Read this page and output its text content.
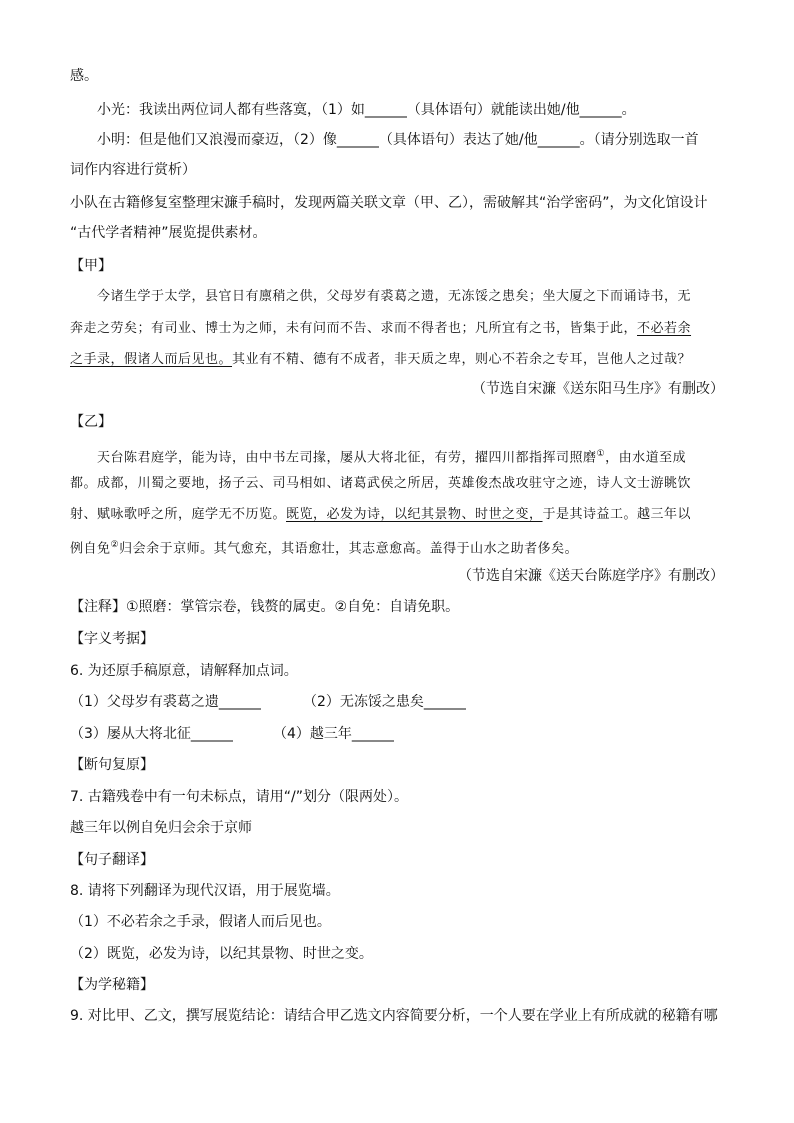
感。
小光：我读出两位词人都有些落寞，（1）如______（具体语句）就能读出她/他______。
小明：但是他们又浪漫而豪迈，（2）像______（具体语句）表达了她/他______。（请分别选取一首
词作内容进行赏析）
小队在古籍修复室整理宋濂手稿时，发现两篇关联文章（甲、乙），需破解其“治学密码”，为文化馆设计
“古代学者精神”展览提供素材。
【甲】
今诸生学于太学，县官日有廪稍之供，父母岁有裘葛之遗，无冻馁之患矣；坐大厦之下而诵诗书，无
奔走之劳矣；有司业、博士为之师，未有问而不告、求而不得者也；凡所宜有之书，皆集于此，不必若余
之手录，假诸人而后见也。其业有不精、德有不成者，非天质之卑，则心不若余之专耳，岂他人之过哉？
（节选自宋濂《送东阳马生序》有删改）
【乙】
天台陈君庭学，能为诗，由中书左司掾，屡从大将北征，有劳，擢四川都指挥司照磨①，由水道至成
都。成都，川蜀之要地，扬子云、司马相如、诸葛武侯之所居，英雄俊杰战攻驻守之迹，诗人文士游眺饮
射、赋咏歌呼之所，庭学无不历览。既览，必发为诗，以纪其景物、时世之变，于是其诗益工。越三年以
例自免②归会余于京师。其气愈充，其语愈壮，其志意愈高。盖得于山水之助者侈矣。
（节选自宋濂《送天台陈庭学序》有删改）
【注释】①照磨：掌管宗卷，钱赘的属吏。②自免：自请免职。
【字义考据】
6. 为还原手稿原意，请解释加点词。
（1）父母岁有裘葛之遗______	（2）无冻馁之患矣______
（3）屡从大将北征______	（4）越三年______
【断句复原】
7. 古籍残卷中有一句未标点，请用“/”划分（限两处）。
越三年以例自免归会余于京师
【句子翻译】
8. 请将下列翻译为现代汉语，用于展览墙。
（1）不必若余之手录，假诸人而后见也。
（2）既览，必发为诗，以纪其景物、时世之变。
【为学秘籍】
9. 对比甲、乙文，撰写展览结论：请结合甲乙选文内容简要分析，一个人要在学业上有所成就的秘籍有哪
